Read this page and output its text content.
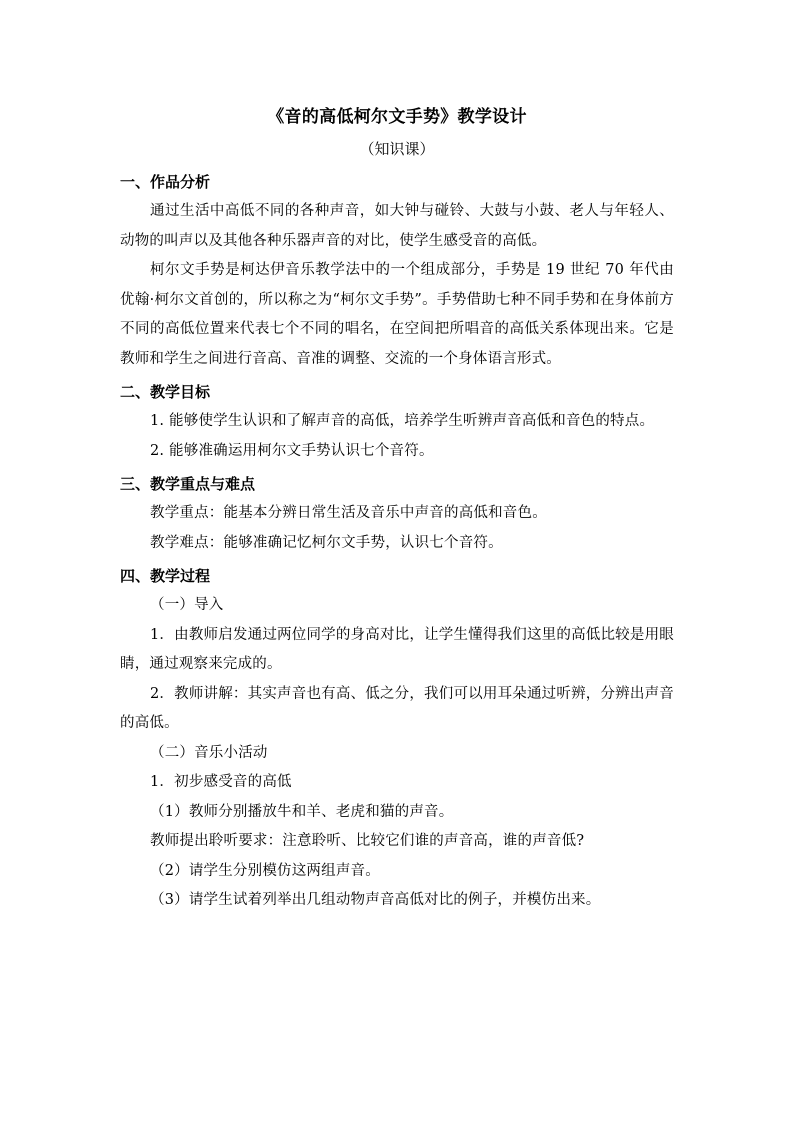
《音的高低柯尔文手势》教学设计

（知识课）

一、作品分析

通过生活中高低不同的各种声音，如大钟与碰铃、大鼓与小鼓、老人与年轻人、动物的叫声以及其他各种乐器声音的对比，使学生感受音的高低。

柯尔文手势是柯达伊音乐教学法中的一个组成部分，手势是 19 世纪 70 年代由优翰·柯尔文首创的，所以称之为“柯尔文手势”。手势借助七种不同手势和在身体前方不同的高低位置来代表七个不同的唱名，在空间把所唱音的高低关系体现出来。它是教师和学生之间进行音高、音准的调整、交流的一个身体语言形式。

二、教学目标

1. 能够使学生认识和了解声音的高低，培养学生听辨声音高低和音色的特点。

2. 能够准确运用柯尔文手势认识七个音符。

三、教学重点与难点

教学重点：能基本分辨日常生活及音乐中声音的高低和音色。

教学难点：能够准确记忆柯尔文手势，认识七个音符。

四、教学过程

（一）导入

1．由教师启发通过两位同学的身高对比，让学生懂得我们这里的高低比较是用眼睛，通过观察来完成的。

2．教师讲解：其实声音也有高、低之分，我们可以用耳朵通过听辨，分辨出声音的高低。

（二）音乐小活动

1．初步感受音的高低

（1）教师分别播放牛和羊、老虎和猫的声音。

教师提出聆听要求：注意聆听、比较它们谁的声音高，谁的声音低?

（2）请学生分别模仿这两组声音。

（3）请学生试着列举出几组动物声音高低对比的例子，并模仿出来。
